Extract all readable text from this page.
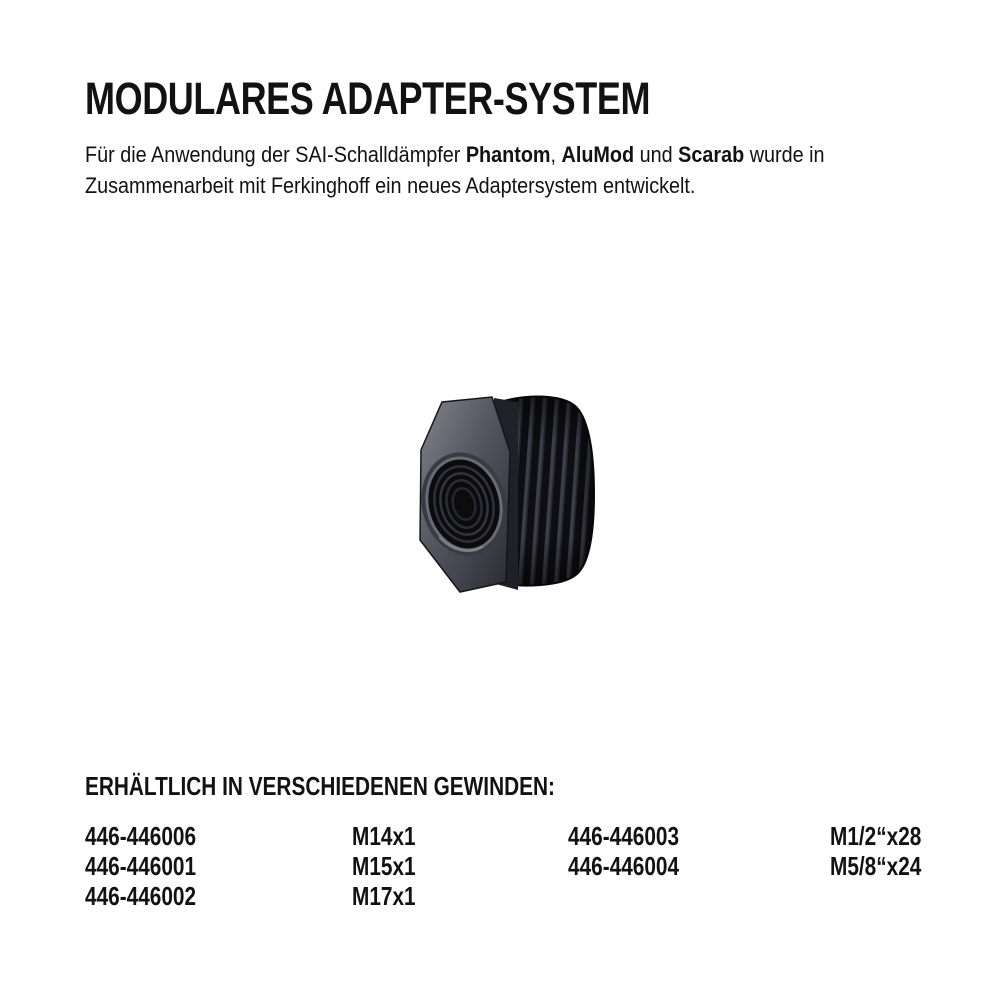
MODULARES ADAPTER-SYSTEM
Für die Anwendung der SAI-Schalldämpfer Phantom, AluMod und Scarab wurde in
Zusammenarbeit mit Ferkinghoff ein neues Adaptersystem entwickelt.
ERHÄLTLICH IN VERSCHIEDENEN GEWINDEN:
446-446006	M14x1	446-446003	M1/2“x28
446-446001	M15x1	446-446004	M5/8“x24
446-446002	M17x1
